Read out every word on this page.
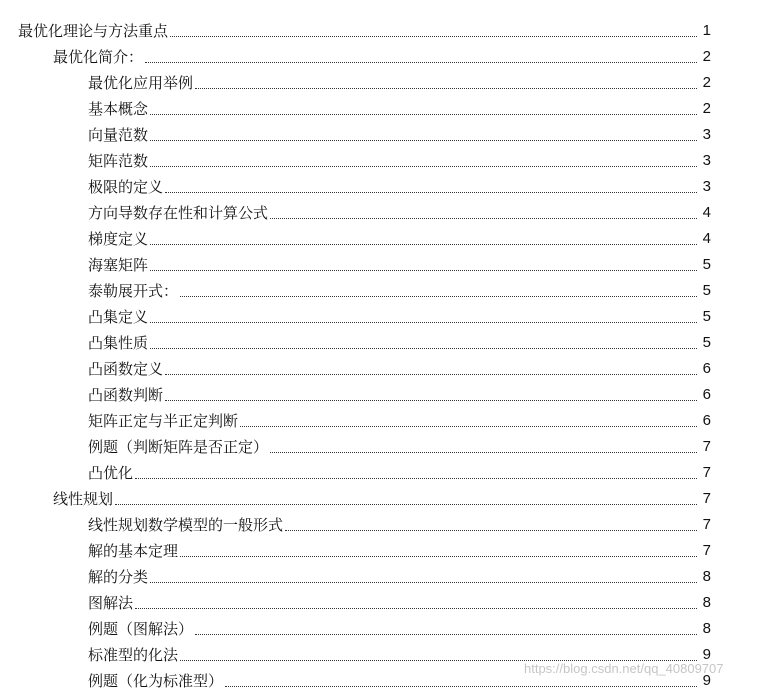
最优化理论与方法重点	1
最优化简介：	2
最优化应用举例	2
基本概念	2
向量范数	3
矩阵范数	3
极限的定义	3
方向导数存在性和计算公式	4
梯度定义	4
海塞矩阵	5
泰勒展开式：	5
凸集定义	5
凸集性质	5
凸函数定义	6
凸函数判断	6
矩阵正定与半正定判断	6
例题（判断矩阵是否正定）	7
凸优化	7
线性规划	7
线性规划数学模型的一般形式	7
解的基本定理	7
解的分类	8
图解法	8
例题（图解法）	8
标准型的化法	9
例题（化为标准型）	9
https://blog.csdn.net/qq_40809707
